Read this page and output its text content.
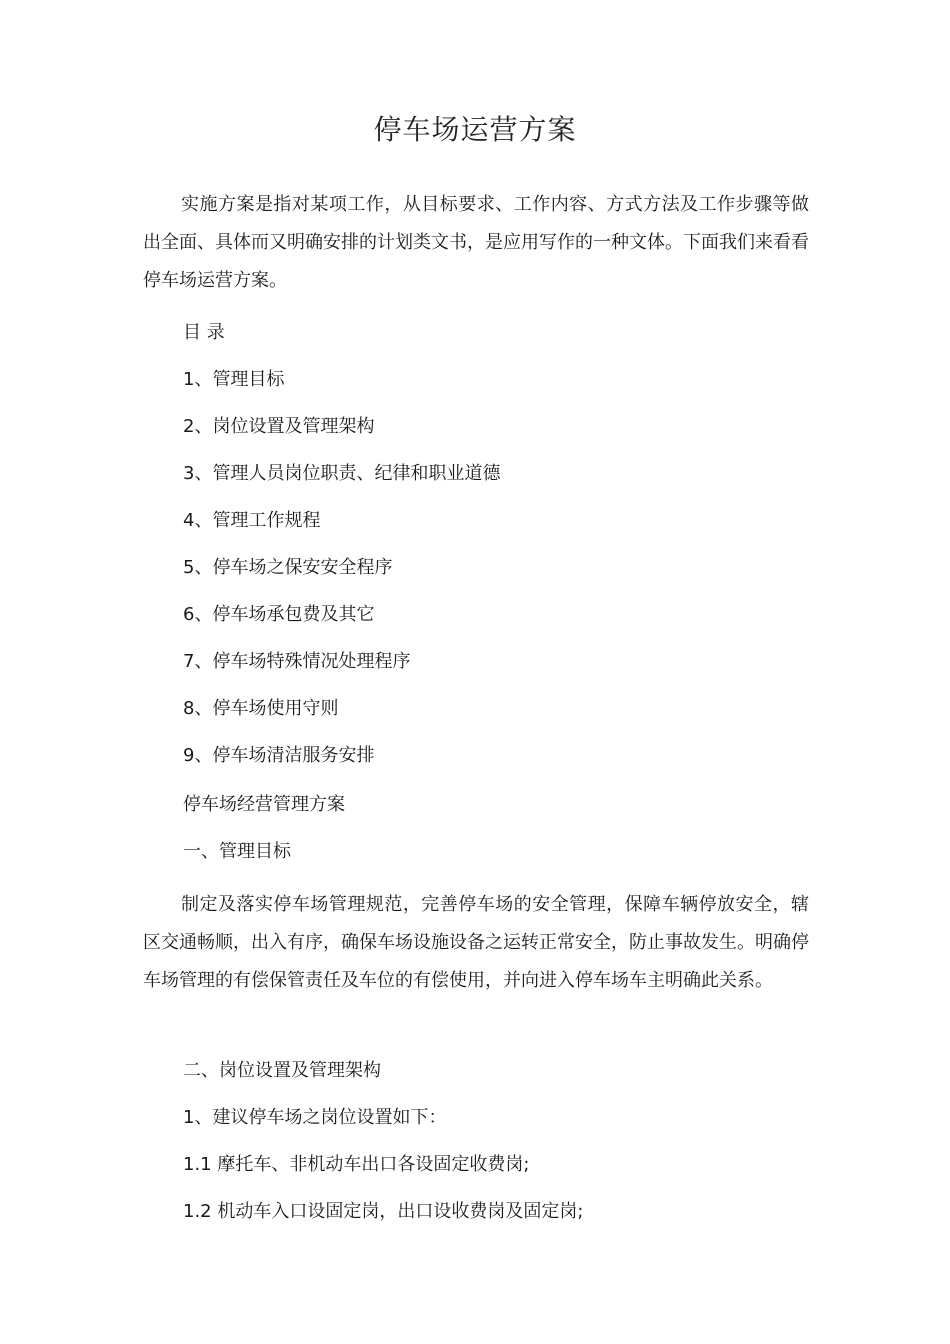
停车场运营方案
实施方案是指对某项工作，从目标要求、工作内容、方式方法及工作步骤等做出全面、具体而又明确安排的计划类文书，是应用写作的一种文体。下面我们来看看停车场运营方案。
目 录
1、管理目标
2、岗位设置及管理架构
3、管理人员岗位职责、纪律和职业道德
4、管理工作规程
5、停车场之保安安全程序
6、停车场承包费及其它
7、停车场特殊情况处理程序
8、停车场使用守则
9、停车场清洁服务安排
停车场经营管理方案
一、管理目标
制定及落实停车场管理规范，完善停车场的安全管理，保障车辆停放安全，辖区交通畅顺，出入有序，确保车场设施设备之运转正常安全，防止事故发生。明确停车场管理的有偿保管责任及车位的有偿使用，并向进入停车场车主明确此关系。
二、岗位设置及管理架构
1、建议停车场之岗位设置如下：
1.1 摩托车、非机动车出口各设固定收费岗;
1.2 机动车入口设固定岗，出口设收费岗及固定岗;
